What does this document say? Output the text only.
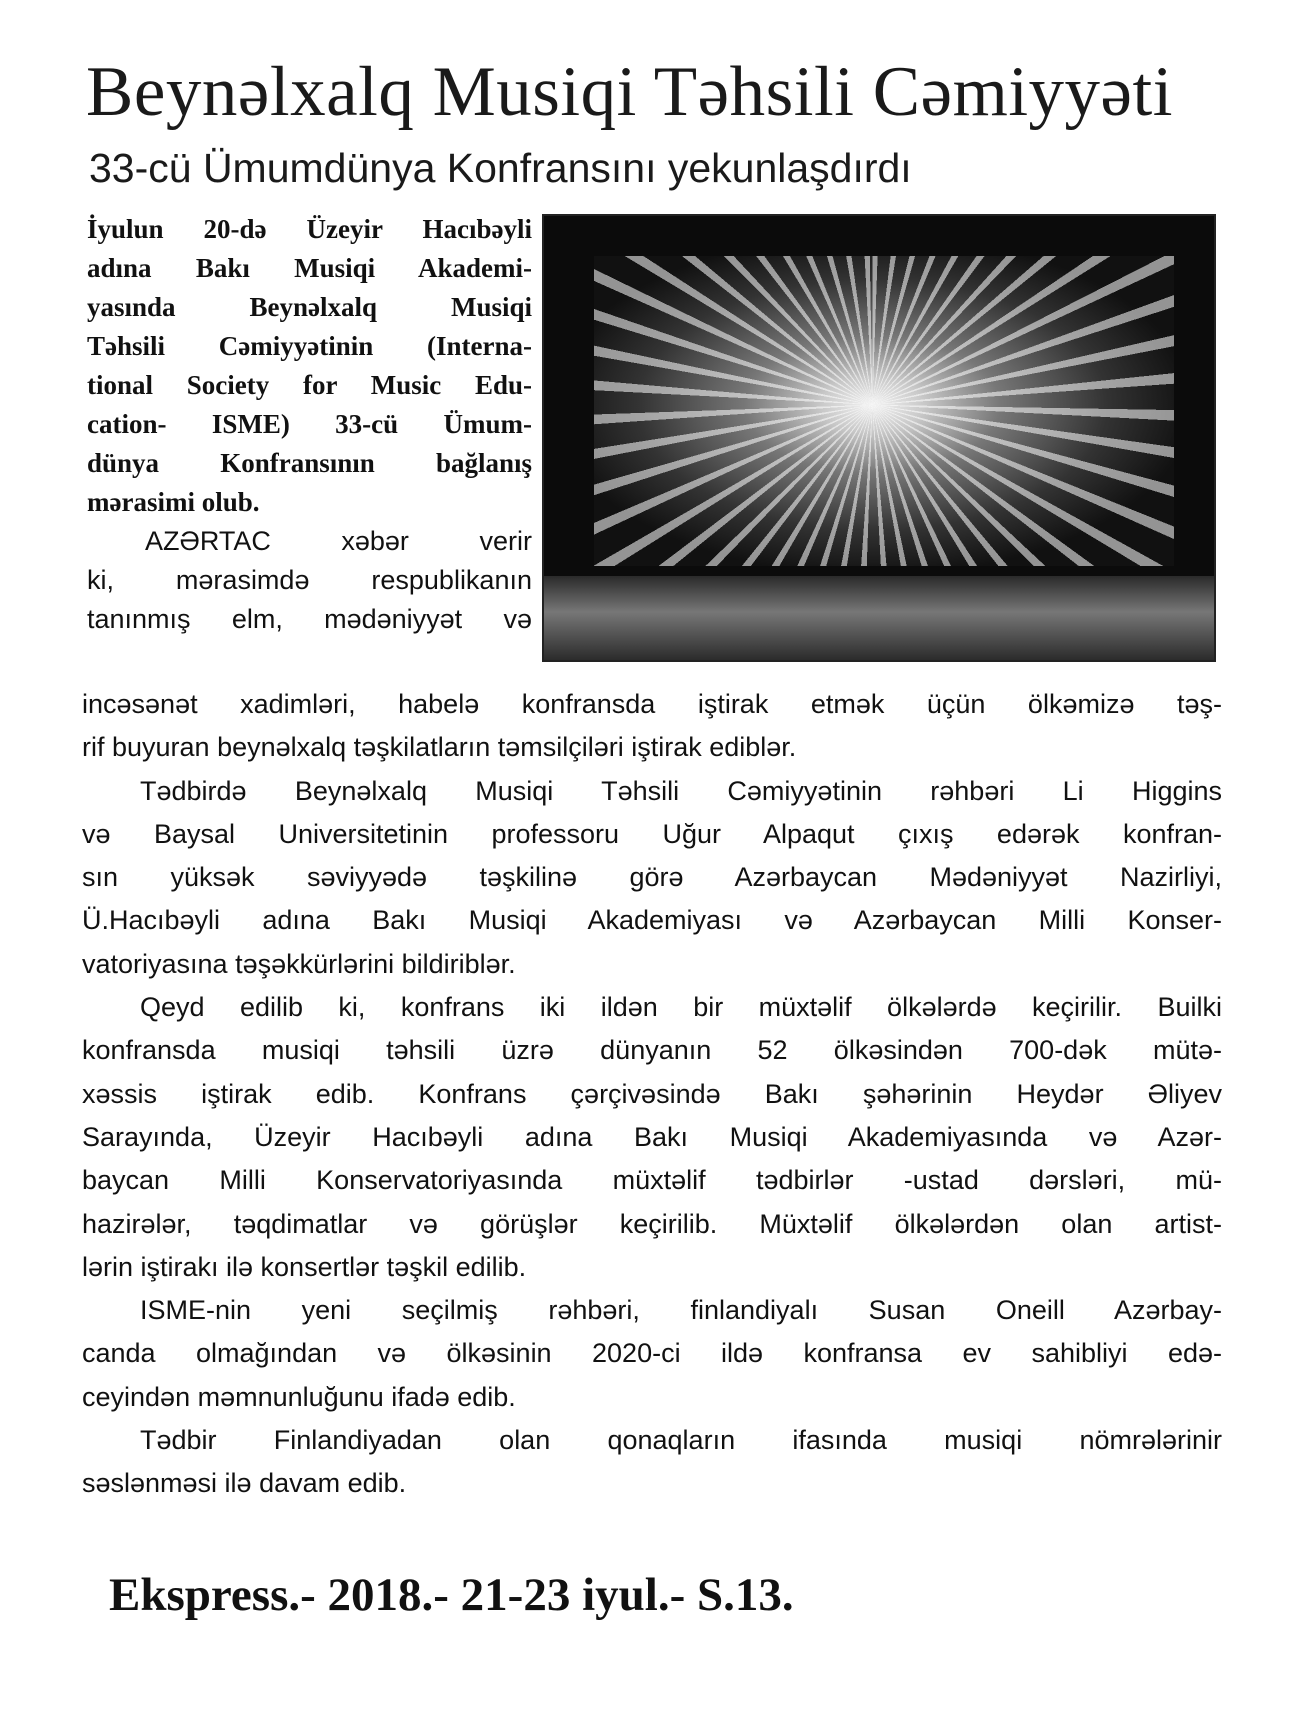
Beynəlxalq Musiqi Təhsili Cəmiyyəti
33-cü Ümumdünya Konfransını yekunlaşdırdı
İyulun 20-də Üzeyir Hacıbəyli
adına Bakı Musiqi Akademi-
yasında Beynəlxalq Musiqi
Təhsili Cəmiyyətinin (Interna-
tional Society for Music Edu-
cation- ISME) 33-cü Ümum-
dünya Konfransının bağlanış
mərasimi olub.
AZƏRTAC xəbər verir
ki, mərasimdə respublikanın
tanınmış elm, mədəniyyət və
incəsənət xadimləri, habelə konfransda iştirak etmək üçün ölkəmizə təş-
rif buyuran beynəlxalq təşkilatların təmsilçiləri iştirak ediblər.
Tədbirdə Beynəlxalq Musiqi Təhsili Cəmiyyətinin rəhbəri Li Higgins
və Baysal Universitetinin professoru Uğur Alpaqut çıxış edərək konfran-
sın yüksək səviyyədə təşkilinə görə Azərbaycan Mədəniyyət Nazirliyi,
Ü.Hacıbəyli adına Bakı Musiqi Akademiyası və Azərbaycan Milli Konser-
vatoriyasına təşəkkürlərini bildiriblər.
Qeyd edilib ki, konfrans iki ildən bir müxtəlif ölkələrdə keçirilir. Builki
konfransda musiqi təhsili üzrə dünyanın 52 ölkəsindən 700-dək mütə-
xəssis iştirak edib. Konfrans çərçivəsində Bakı şəhərinin Heydər Əliyev
Sarayında, Üzeyir Hacıbəyli adına Bakı Musiqi Akademiyasında və Azər-
baycan Milli Konservatoriyasında müxtəlif tədbirlər -ustad dərsləri, mü-
hazirələr, təqdimatlar və görüşlər keçirilib. Müxtəlif ölkələrdən olan artist-
lərin iştirakı ilə konsertlər təşkil edilib.
ISME-nin yeni seçilmiş rəhbəri, finlandiyalı Susan Oneill Azərbay-
canda olmağından və ölkəsinin 2020-ci ildə konfransa ev sahibliyi edə-
ceyindən məmnunluğunu ifadə edib.
Tədbir Finlandiyadan olan qonaqların ifasında musiqi nömrələrinir
səslənməsi ilə davam edib.
Ekspress.- 2018.- 21-23 iyul.- S.13.
